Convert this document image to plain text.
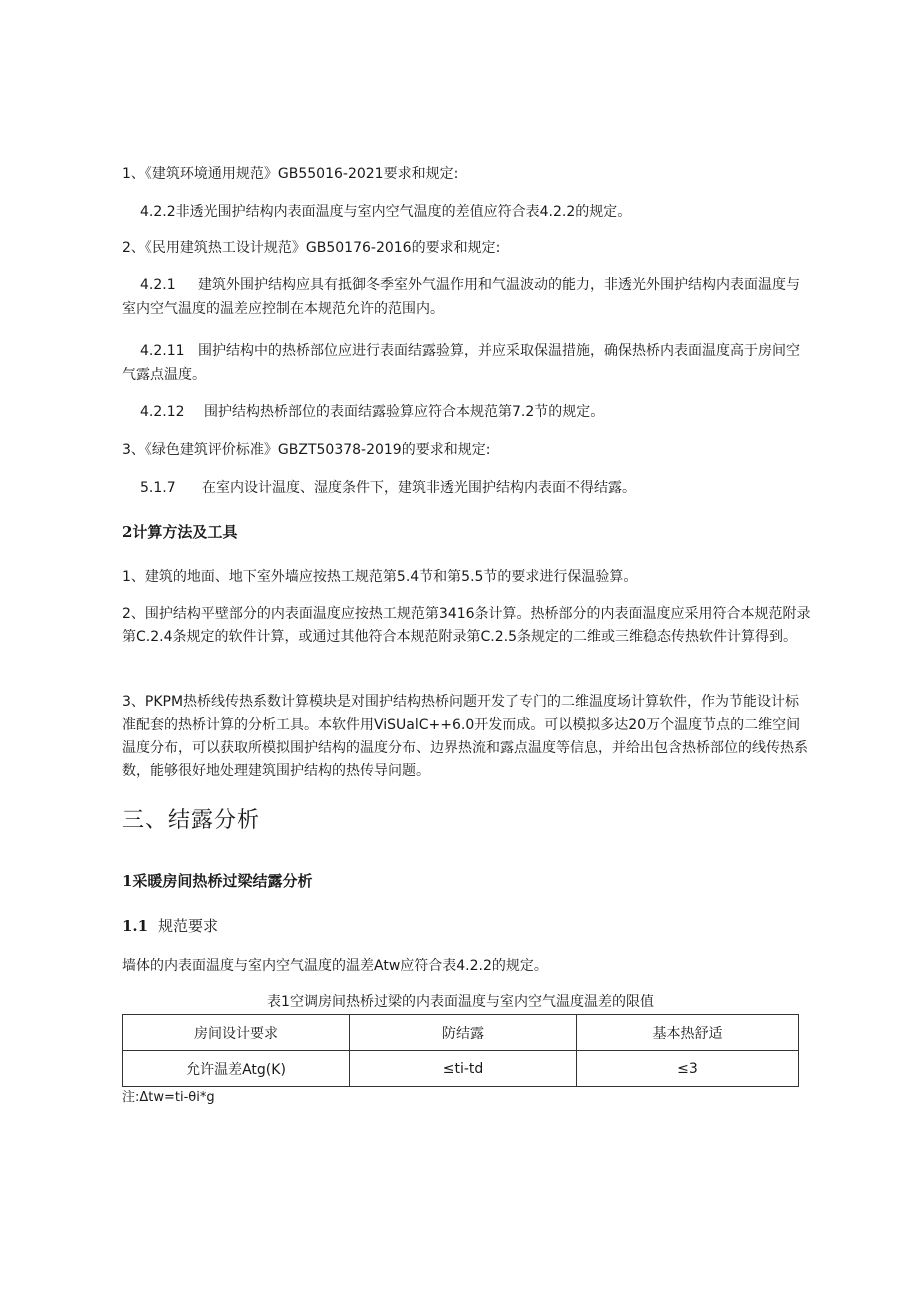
1、《建筑环境通用规范》GB55016-2021要求和规定:
4.2.2非透光围护结构内表面温度与室内空气温度的差值应符合表4.2.2的规定。
2、《民用建筑热工设计规范》GB50176-2016的要求和规定:
4.2.1 建筑外围护结构应具有抵御冬季室外气温作用和气温波动的能力，非透光外围护结构内表面温度与室内空气温度的温差应控制在本规范允许的范围内。
4.2.11 围护结构中的热桥部位应进行表面结露验算，并应采取保温措施，确保热桥内表面温度高于房间空气露点温度。
4.2.12 围护结构热桥部位的表面结露验算应符合本规范第7.2节的规定。
3、《绿色建筑评价标准》GBZT50378-2019的要求和规定:
5.1.7 在室内设计温度、湿度条件下，建筑非透光围护结构内表面不得结露。
2计算方法及工具
1、建筑的地面、地下室外墙应按热工规范第5.4节和第5.5节的要求进行保温验算。
2、围护结构平壁部分的内表面温度应按热工规范第3416条计算。热桥部分的内表面温度应采用符合本规范附录第C.2.4条规定的软件计算，或通过其他符合本规范附录第C.2.5条规定的二维或三维稳态传热软件计算得到。
3、PKPM热桥线传热系数计算模块是对围护结构热桥问题开发了专门的二维温度场计算软件，作为节能设计标准配套的热桥计算的分析工具。本软件用ViSUalC++6.0开发而成。可以模拟多达20万个温度节点的二维空间温度分布，可以获取所模拟围护结构的温度分布、边界热流和露点温度等信息，并给出包含热桥部位的线传热系数，能够很好地处理建筑围护结构的热传导问题。
三、结露分析
1采暖房间热桥过梁结露分析
1.1 规范要求
墙体的内表面温度与室内空气温度的温差Atw应符合表4.2.2的规定。
表1空调房间热桥过梁的内表面温度与室内空气温度温差的限值
房间设计要求	防结露	基本热舒适
允许温差Atg(K)	≤ti-td	≤3
注:Δtw=ti-θi*g
